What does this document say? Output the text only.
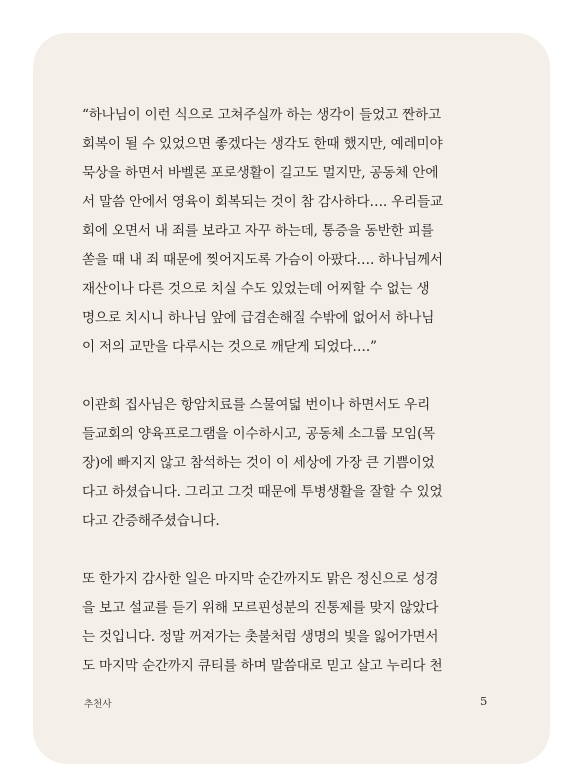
“하나님이 이런 식으로 고쳐주실까 하는 생각이 들었고 짠하고
회복이 될 수 있었으면 좋겠다는 생각도 한때 했지만, 예레미야
묵상을 하면서 바벨론 포로생활이 길고도 멀지만, 공동체 안에
서 말씀 안에서 영육이 회복되는 것이 참 감사하다…. 우리들교
회에 오면서 내 죄를 보라고 자꾸 하는데, 통증을 동반한 피를
쏟을 때 내 죄 때문에 찢어지도록 가슴이 아팠다…. 하나님께서
재산이나 다른 것으로 치실 수도 있었는데 어찌할 수 없는 생
명으로 치시니 하나님 앞에 급겸손해질 수밖에 없어서 하나님
이 저의 교만을 다루시는 것으로 깨닫게 되었다….”
이관희 집사님은 항암치료를 스물여덟 번이나 하면서도 우리
들교회의 양육프로그램을 이수하시고, 공동체 소그룹 모임(목
장)에 빠지지 않고 참석하는 것이 이 세상에 가장 큰 기쁨이었
다고 하셨습니다. 그리고 그것 때문에 투병생활을 잘할 수 있었
다고 간증해주셨습니다.
또 한가지 감사한 일은 마지막 순간까지도 맑은 정신으로 성경
을 보고 설교를 듣기 위해 모르핀성분의 진통제를 맞지 않았다
는 것입니다. 정말 꺼져가는 촛불처럼 생명의 빛을 잃어가면서
도 마지막 순간까지 큐티를 하며 말씀대로 믿고 살고 누리다 천
추천사	5
